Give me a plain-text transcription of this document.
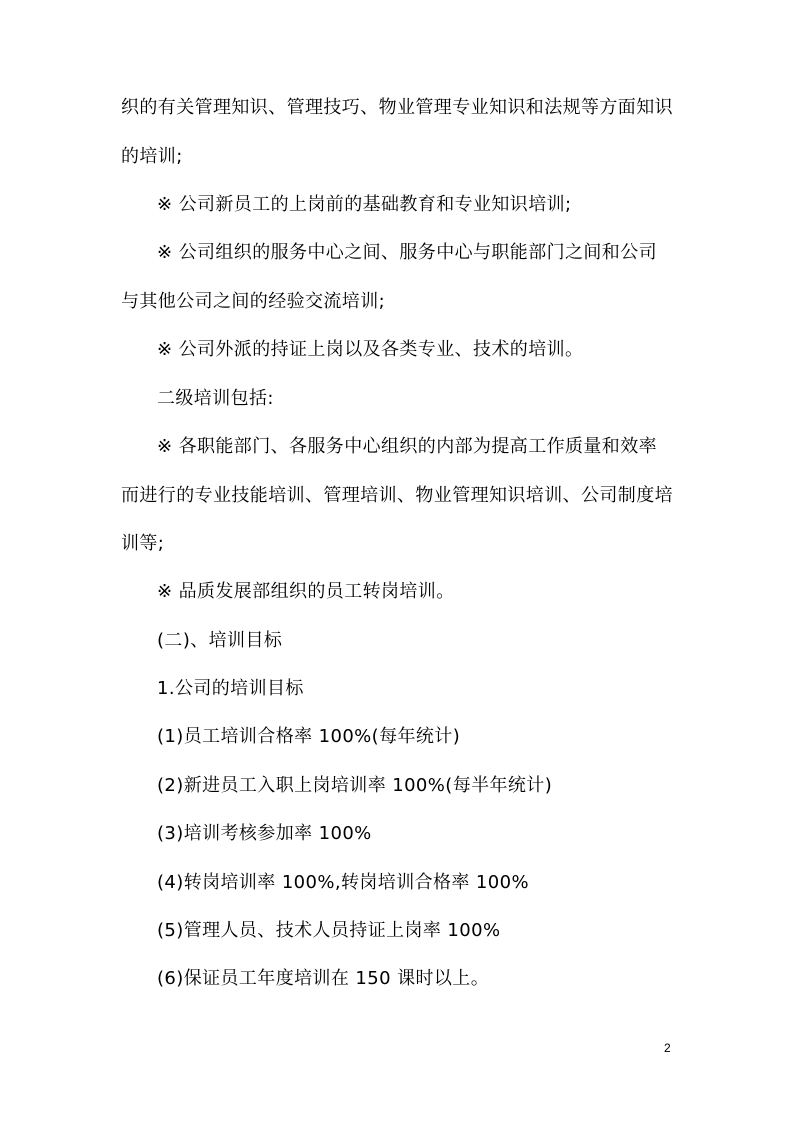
织的有关管理知识、管理技巧、物业管理专业知识和法规等方面知识
的培训;
※ 公司新员工的上岗前的基础教育和专业知识培训;
※ 公司组织的服务中心之间、服务中心与职能部门之间和公司
与其他公司之间的经验交流培训;
※ 公司外派的持证上岗以及各类专业、技术的培训。
二级培训包括:
※ 各职能部门、各服务中心组织的内部为提高工作质量和效率
而进行的专业技能培训、管理培训、物业管理知识培训、公司制度培
训等;
※ 品质发展部组织的员工转岗培训。
(二)、培训目标
1.公司的培训目标
(1)员工培训合格率 100%(每年统计)
(2)新进员工入职上岗培训率 100%(每半年统计)
(3)培训考核参加率 100%
(4)转岗培训率 100%,转岗培训合格率 100%
(5)管理人员、技术人员持证上岗率 100%
(6)保证员工年度培训在 150 课时以上。
2
